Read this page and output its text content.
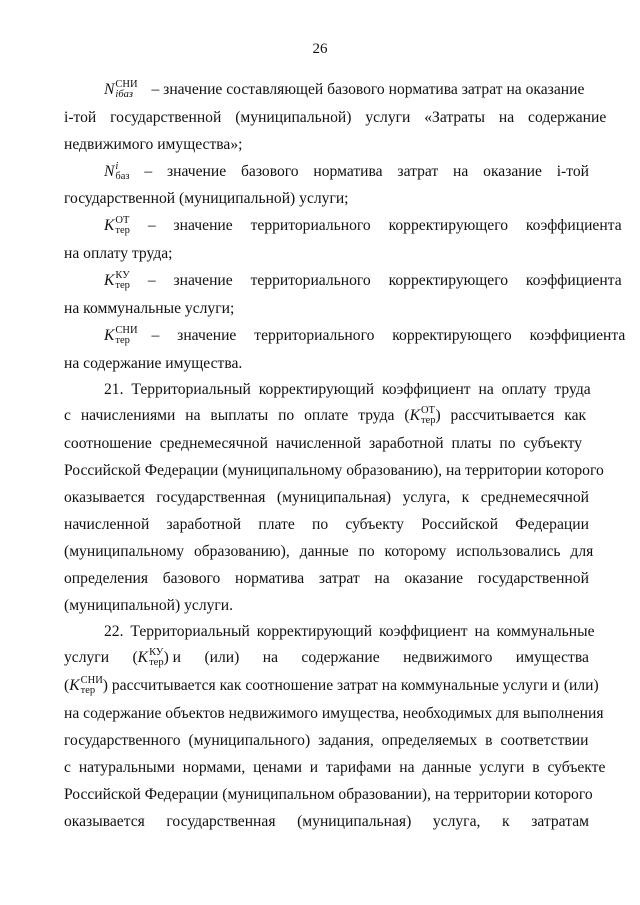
26
N СНИ
iбаз – значение составляющей базового норматива затрат на оказание
i-той государственной (муниципальной) услуги «Затраты на содержание
недвижимого имущества»;
N i
баз – значение базового норматива затрат на оказание i-той
государственной (муниципальной) услуги;
K ОТ
тер – значение территориального корректирующего коэффициента
на оплату труда;
K КУ
тер – значение территориального корректирующего коэффициента
на коммунальные услуги;
K СНИ
тер	– значение территориального корректирующего коэффициента
на содержание имущества.
21. Территориальный корректирующий коэффициент на оплату труда
с начислениями на выплаты по оплате труда ( K ОТ
тер ) рассчитывается как
соотношение среднемесячной начисленной заработной платы по субъекту
Российской Федерации (муниципальному образованию), на территории которого
оказывается государственная (муниципальная) услуга, к среднемесячной
начисленной заработной плате по субъекту Российской Федерации
(муниципальному образованию), данные по которому использовались для
определения базового норматива затрат на оказание государственной
(муниципальной) услуги.
22. Территориальный корректирующий коэффициент на коммунальные
услуги ( K КУ
тер ) и (или) на содержание недвижимого имущества
( K СНИ
тер ) рассчитывается как соотношение затрат на коммунальные услуги и (или)
на содержание объектов недвижимого имущества, необходимых для выполнения
государственного (муниципального) задания, определяемых в соответствии
с натуральными нормами, ценами и тарифами на данные услуги в субъекте
Российской Федерации (муниципальном образовании), на территории которого
оказывается государственная (муниципальная) услуга, к затратам
